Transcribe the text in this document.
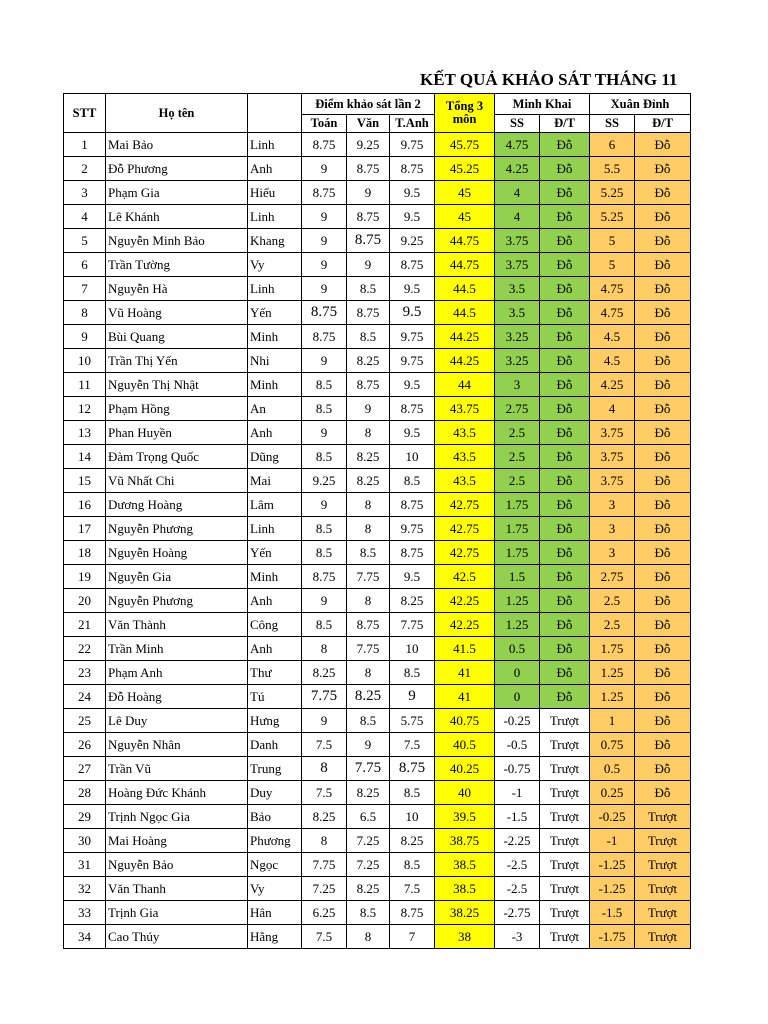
KẾT QUẢ KHẢO SÁT THÁNG 11
STT	Họ tên		Điểm khảo sát lần 2			Tổng 3 môn	Minh Khai		Xuân Đỉnh	
			Toán	Văn	T.Anh		SS	Đ/T	SS	Đ/T
1	Mai Bảo	Linh	8.75	9.25	9.75	45.75	4.75	Đỗ	6	Đỗ
2	Đỗ Phương	Anh	9	8.75	8.75	45.25	4.25	Đỗ	5.5	Đỗ
3	Phạm Gia	Hiếu	8.75	9	9.5	45	4	Đỗ	5.25	Đỗ
4	Lê Khánh	Linh	9	8.75	9.5	45	4	Đỗ	5.25	Đỗ
5	Nguyễn Minh Bảo	Khang	9	8.75	9.25	44.75	3.75	Đỗ	5	Đỗ
6	Trần Tường	Vy	9	9	8.75	44.75	3.75	Đỗ	5	Đỗ
7	Nguyễn Hà	Linh	9	8.5	9.5	44.5	3.5	Đỗ	4.75	Đỗ
8	Vũ Hoàng	Yến	8.75	8.75	9.5	44.5	3.5	Đỗ	4.75	Đỗ
9	Bùi Quang	Minh	8.75	8.5	9.75	44.25	3.25	Đỗ	4.5	Đỗ
10	Trần Thị Yến	Nhi	9	8.25	9.75	44.25	3.25	Đỗ	4.5	Đỗ
11	Nguyễn Thị Nhật	Minh	8.5	8.75	9.5	44	3	Đỗ	4.25	Đỗ
12	Phạm Hồng	An	8.5	9	8.75	43.75	2.75	Đỗ	4	Đỗ
13	Phan Huyền	Anh	9	8	9.5	43.5	2.5	Đỗ	3.75	Đỗ
14	Đàm Trọng Quốc	Dũng	8.5	8.25	10	43.5	2.5	Đỗ	3.75	Đỗ
15	Vũ Nhất Chi	Mai	9.25	8.25	8.5	43.5	2.5	Đỗ	3.75	Đỗ
16	Dương Hoàng	Lâm	9	8	8.75	42.75	1.75	Đỗ	3	Đỗ
17	Nguyễn Phương	Linh	8.5	8	9.75	42.75	1.75	Đỗ	3	Đỗ
18	Nguyễn Hoàng	Yến	8.5	8.5	8.75	42.75	1.75	Đỗ	3	Đỗ
19	Nguyễn Gia	Minh	8.75	7.75	9.5	42.5	1.5	Đỗ	2.75	Đỗ
20	Nguyễn Phương	Anh	9	8	8.25	42.25	1.25	Đỗ	2.5	Đỗ
21	Văn Thành	Công	8.5	8.75	7.75	42.25	1.25	Đỗ	2.5	Đỗ
22	Trần Minh	Anh	8	7.75	10	41.5	0.5	Đỗ	1.75	Đỗ
23	Phạm Anh	Thư	8.25	8	8.5	41	0	Đỗ	1.25	Đỗ
24	Đỗ Hoàng	Tú	7.75	8.25	9	41	0	Đỗ	1.25	Đỗ
25	Lê Duy	Hưng	9	8.5	5.75	40.75	-0.25	Trượt	1	Đỗ
26	Nguyễn Nhân	Danh	7.5	9	7.5	40.5	-0.5	Trượt	0.75	Đỗ
27	Trần Vũ	Trung	8	7.75	8.75	40.25	-0.75	Trượt	0.5	Đỗ
28	Hoàng Đức Khánh	Duy	7.5	8.25	8.5	40	-1	Trượt	0.25	Đỗ
29	Trịnh Ngọc Gia	Bảo	8.25	6.5	10	39.5	-1.5	Trượt	-0.25	Trượt
30	Mai Hoàng	Phương	8	7.25	8.25	38.75	-2.25	Trượt	-1	Trượt
31	Nguyễn Bảo	Ngọc	7.75	7.25	8.5	38.5	-2.5	Trượt	-1.25	Trượt
32	Văn Thanh	Vy	7.25	8.25	7.5	38.5	-2.5	Trượt	-1.25	Trượt
33	Trịnh Gia	Hân	6.25	8.5	8.75	38.25	-2.75	Trượt	-1.5	Trượt
34	Cao Thúy	Hằng	7.5	8	7	38	-3	Trượt	-1.75	Trượt
